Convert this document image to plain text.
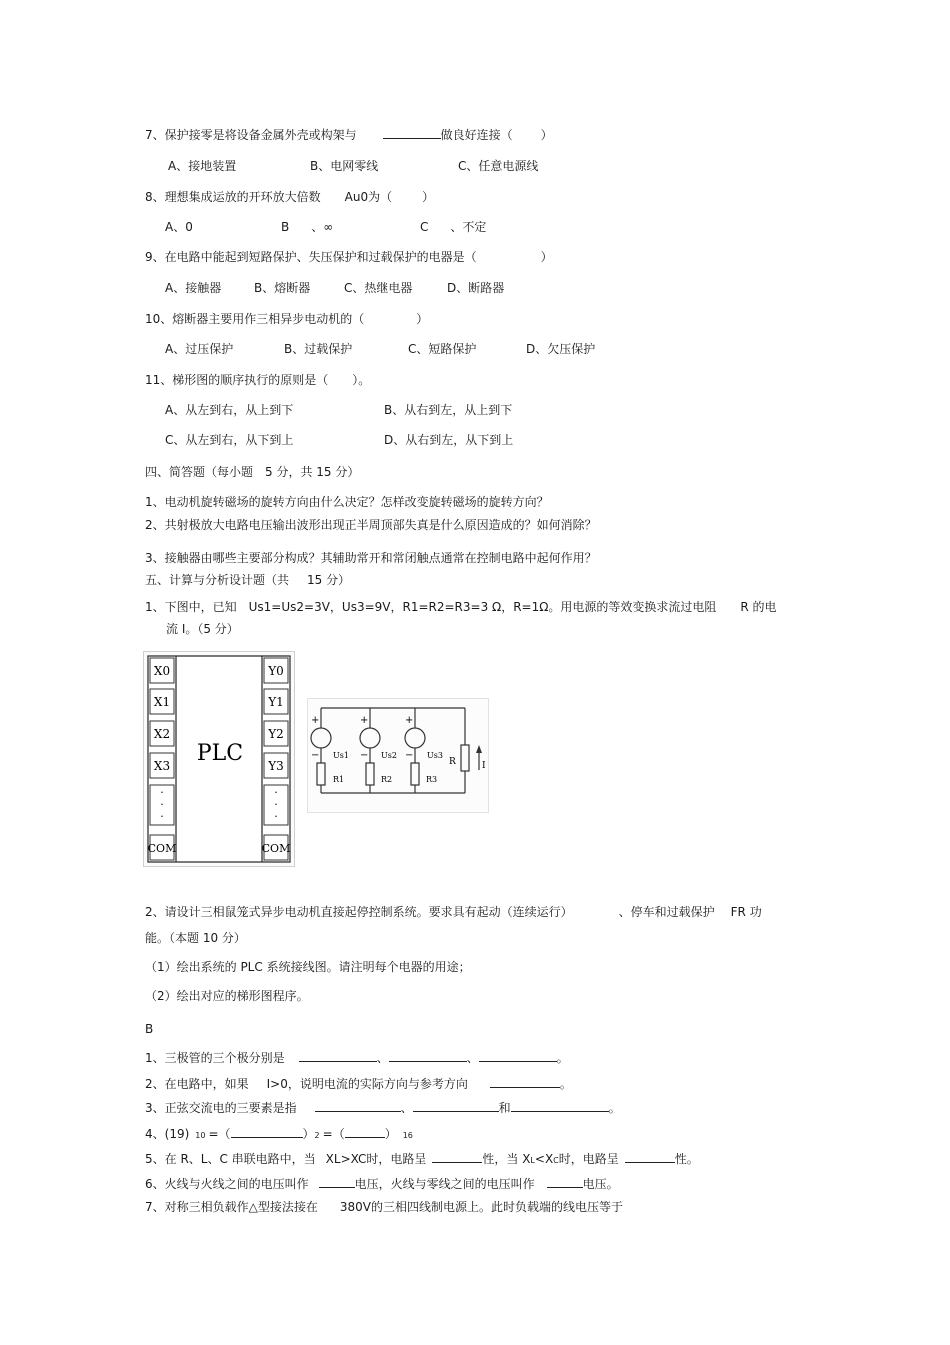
7、保护接零是将设备金属外壳或构架与	做良好连接（ ）
A、接地装置	B、电网零线	C、任意电源线
8、理想集成运放的开环放大倍数 Au0为（	）
A、0	B 、∞	C 、不定
9、在电路中能起到短路保护、失压保护和过载保护的电器是（	）
A、接触器	B、熔断器	C、热继电器	D、断路器
10、熔断器主要用作三相异步电动机的（	）
A、过压保护	B、过载保护	C、短路保护	D、欠压保护
11、梯形图的顺序执行的原则是（　　）。
A、从左到右，从上到下	B、从右到左，从上到下
C、从左到右，从下到上	D、从右到左，从下到上
四、简答题（每小题 5 分，共 15 分）
1、电动机旋转磁场的旋转方向由什么决定？怎样改变旋转磁场的旋转方向？
2、共射极放大电路电压输出波形出现正半周顶部失真是什么原因造成的？如何消除？
3、接触器由哪些主要部分构成？其辅助常开和常闭触点通常在控制电路中起何作用？
五、计算与分析设计题（共 15 分）
1、下图中，已知 Us1=Us2=3V，Us3=9V，R1=R2=R3=3 Ω，R=1Ω。用电源的等效变换求流过电阻 R 的电
流 I。（5 分）
X0
X1
X2
X3
·
·
·
COM
Y0
Y1
Y2
Y3
·
·
·
COM
PLC
+	+	+
−	−	−
Us1	Us2	Us3
R1	R2	R3
R	I
2、请设计三相鼠笼式异步电动机直接起停控制系统。要求具有起动（连续运行）	、停车和过载保护 FR 功
能。（本题 10 分）
（1）绘出系统的 PLC 系统接线图。请注明每个电器的用途；
（2）绘出对应的梯形图程序。
B
1、三极管的三个极分别是	、	、	。
2、在电路中，如果 I>0，说明电流的实际方向与参考方向	。
3、正弦交流电的三要素是指	、	和	。
4、(19) 10 =（	）2 =（	） 16
5、在 R、L、C 串联电路中，当 XL>XC时，电路呈	性，当 XL<XC时，电路呈	性。
6、火线与火线之间的电压叫作	电压，火线与零线之间的电压叫作	电压。
7、对称三相负载作△型接法接在 380V的三相四线制电源上。此时负载端的线电压等于
